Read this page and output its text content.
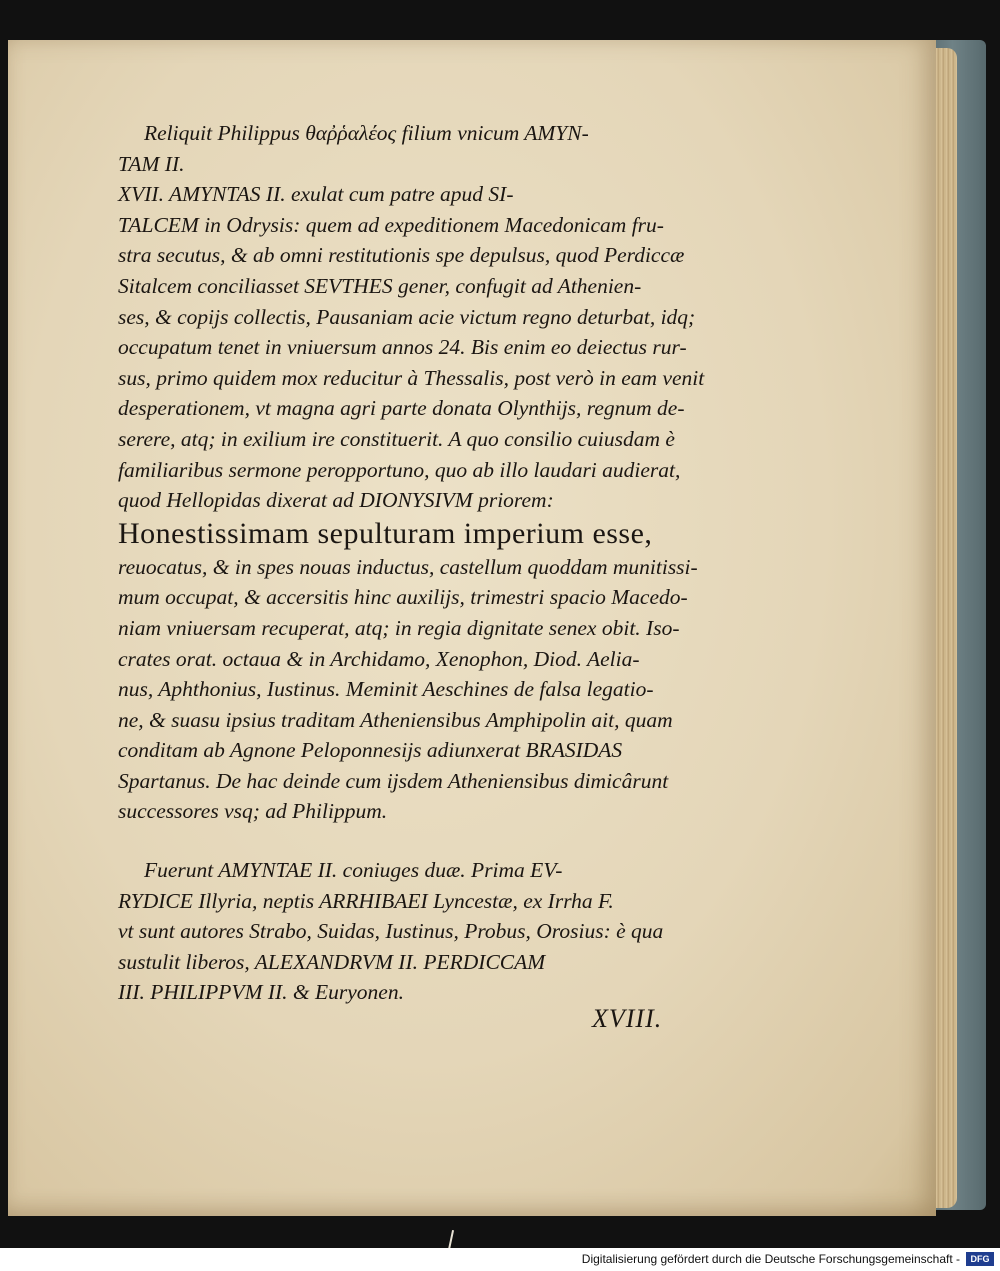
Reliquit Philippus θαῤῥαλέος filium vnicum AMYN-
TAM II.
XVII. AMYNTAS II. exulat cum patre apud SI-
TALCEM in Odrysis: quem ad expeditionem Macedonicam fru-
stra secutus, & ab omni restitutionis spe depulsus, quod Perdiccæ
Sitalcem conciliasset SEVTHES gener, confugit ad Athenien-
ses, & copijs collectis, Pausaniam acie victum regno deturbat, idq;
occupatum tenet in vniuersum annos 24. Bis enim eo deiectus rur-
sus, primo quidem mox reducitur à Thessalis, post verò in eam venit
desperationem, vt magna agri parte donata Olynthijs, regnum de-
serere, atq; in exilium ire constituerit. A quo consilio cuiusdam è
familiaribus sermone peropportuno, quo ab illo laudari audierat,
quod Hellopidas dixerat ad DIONYSIVM priorem:
Honestissimam sepulturam imperium esse,
reuocatus, & in spes nouas inductus, castellum quoddam munitissi-
mum occupat, & accersitis hinc auxilijs, trimestri spacio Macedo-
niam vniuersam recuperat, atq; in regia dignitate senex obit. Iso-
crates orat. octaua & in Archidamo, Xenophon, Diod. Aelia-
nus, Aphthonius, Iustinus. Meminit Aeschines de falsa legatio-
ne, & suasu ipsius traditam Atheniensibus Amphipolin ait, quam
conditam ab Agnone Peloponnesijs adiunxerat BRASIDAS
Spartanus. De hac deinde cum ijsdem Atheniensibus dimicârunt
successores vsq; ad Philippum.
Fuerunt AMYNTAE II. coniuges duæ. Prima EV-
RYDICE Illyria, neptis ARRHIBAEI Lyncestæ, ex Irrha F.
vt sunt autores Strabo, Suidas, Iustinus, Probus, Orosius: è qua
sustulit liberos, ALEXANDRVM II. PERDICCAM
III. PHILIPPVM II. & Euryonen.
XVIII.
Digitalisierung gefördert durch die Deutsche Forschungsgemeinschaft -	DFG
